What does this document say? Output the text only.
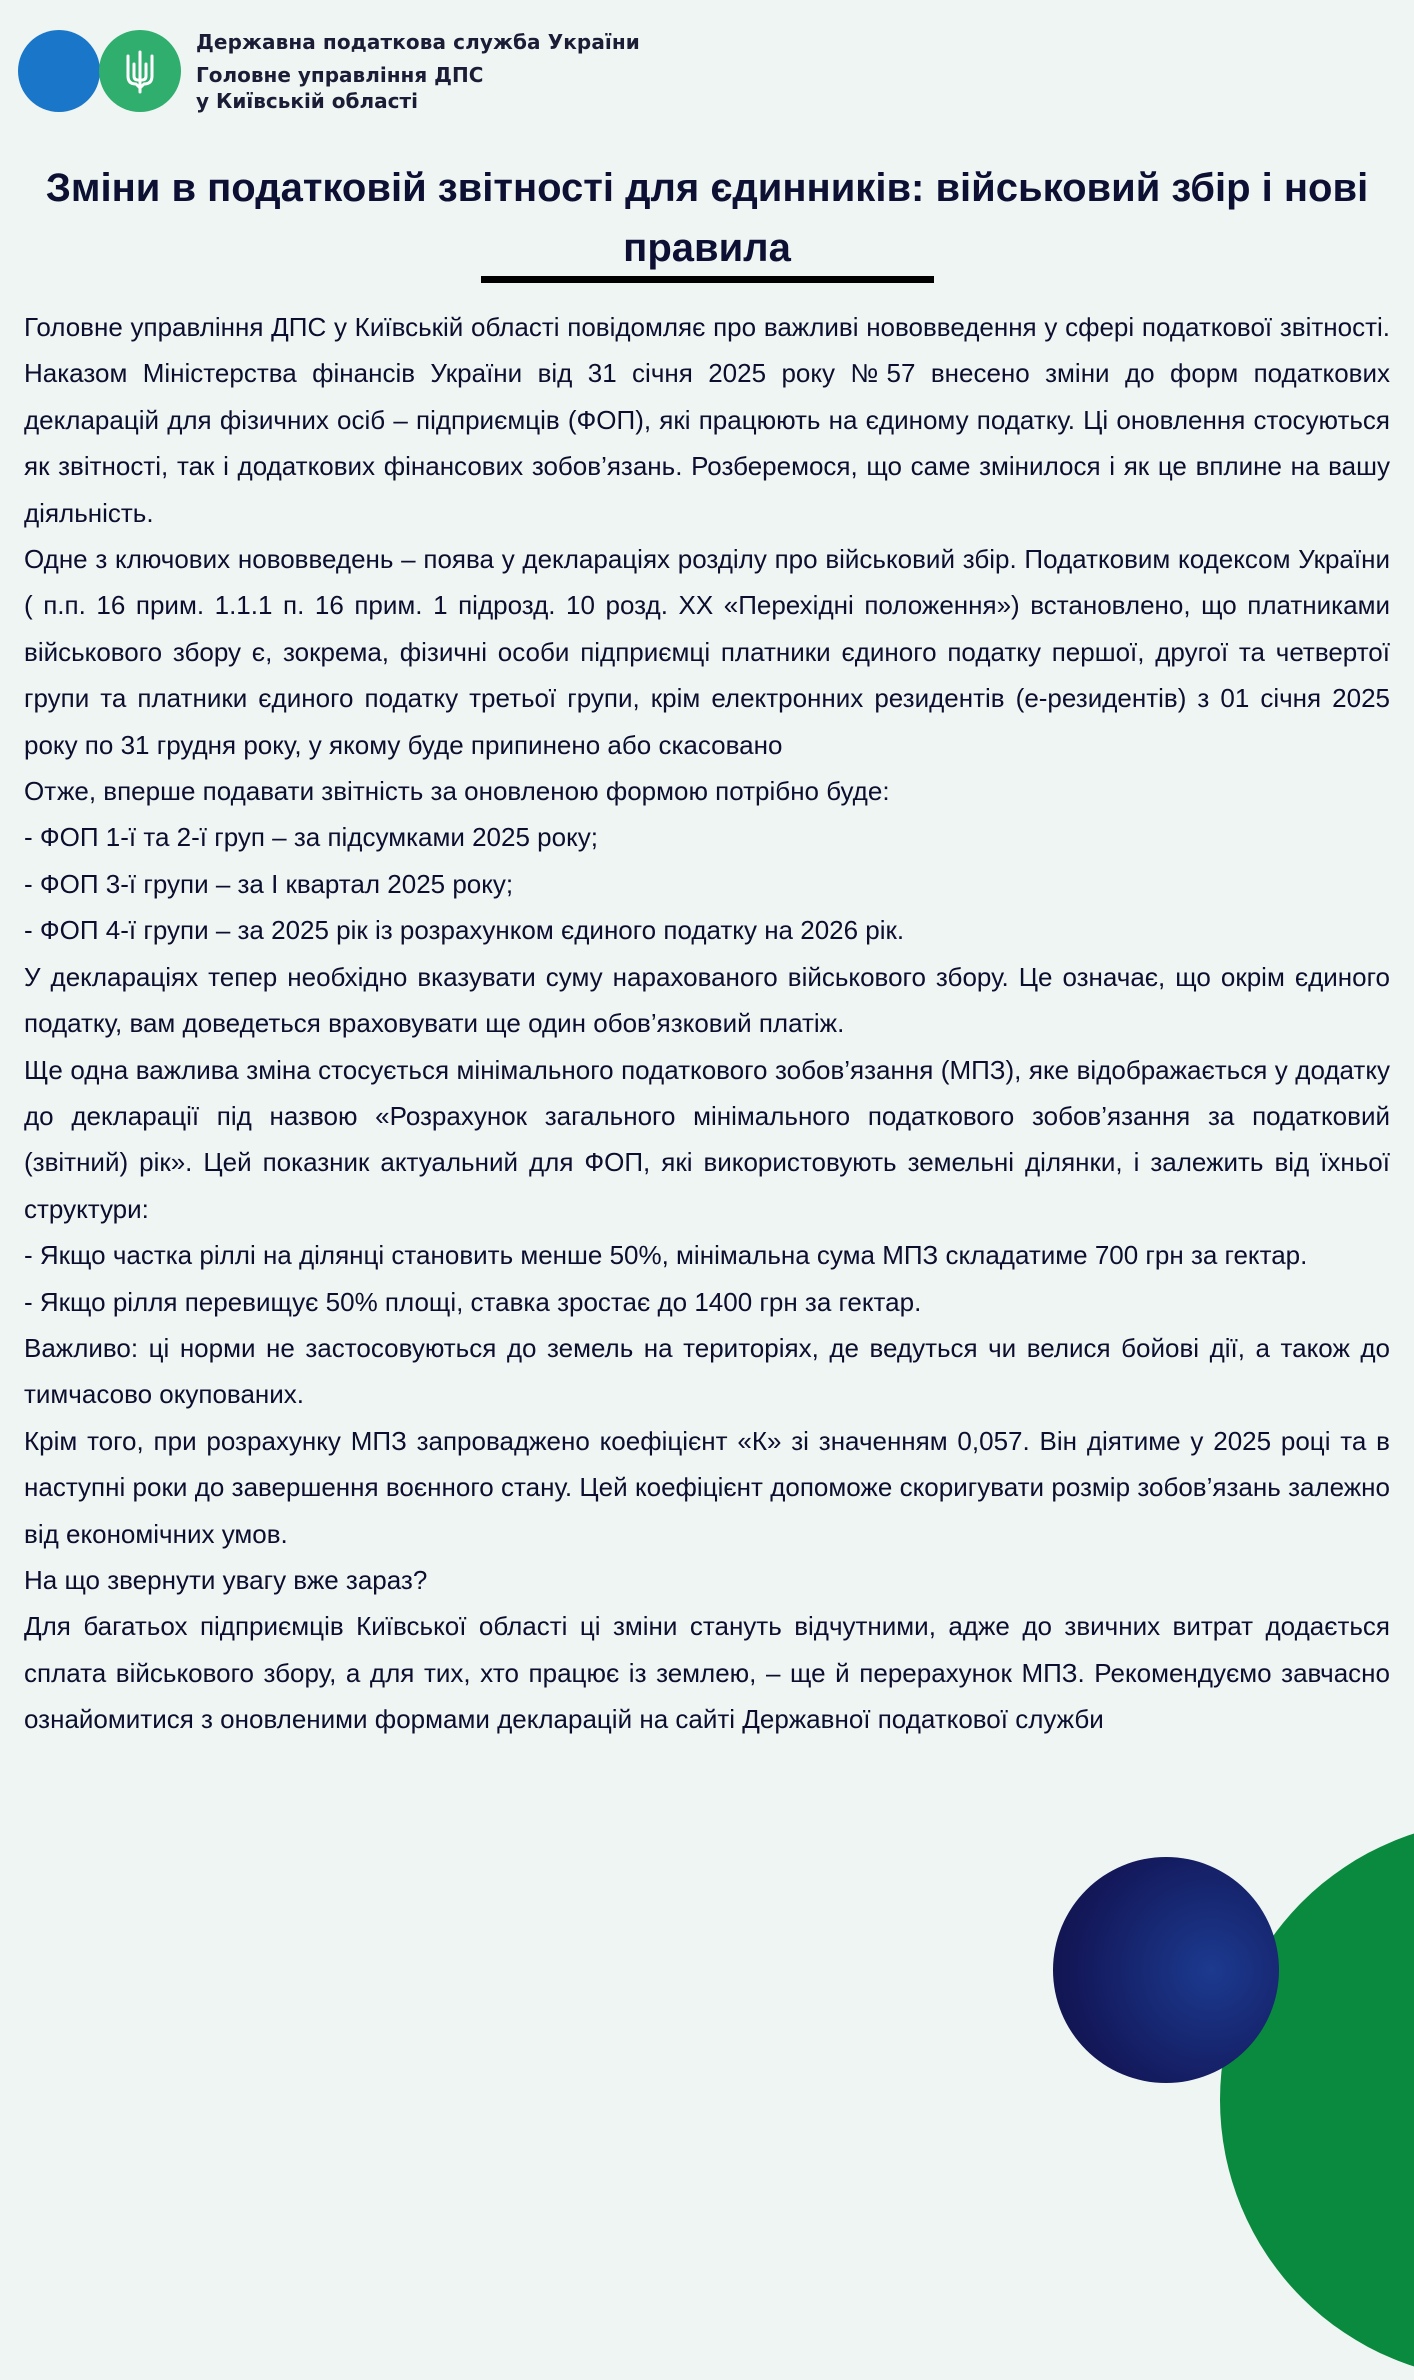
Державна податкова служба України
Головне управління ДПС
у Київській області
Зміни в податковій звітності для єдинників: військовий збір і нові правила

Головне управління ДПС у Київській області повідомляє про важливі нововведення у сфері податкової звітності. Наказом Міністерства фінансів України від 31 січня 2025 року №57 внесено зміни до форм податкових декларацій для фізичних осіб – підприємців (ФОП), які працюють на єдиному податку. Ці оновлення стосуються як звітності, так і додаткових фінансових зобов’язань. Розберемося, що саме змінилося і як це вплине на вашу діяльність.

Одне з ключових нововведень – поява у деклараціях розділу про військовий збір. Податковим кодексом України ( п.п. 16 прим. 1.1.1 п. 16 прим. 1 підрозд. 10 розд. XX «Перехідні положення») встановлено, що платниками військового збору є, зокрема, фізичні особи підприємці платники єдиного податку першої, другої та четвертої групи та платники єдиного податку третьої групи, крім електронних резидентів (е-резидентів) з 01 січня 2025 року по 31 грудня року, у якому буде припинено або скасовано

Отже, вперше подавати звітність за оновленою формою потрібно буде:

- ФОП 1-ї та 2-ї груп – за підсумками 2025 року;

- ФОП 3-ї групи – за I квартал 2025 року;

- ФОП 4-ї групи – за 2025 рік із розрахунком єдиного податку на 2026 рік.

У деклараціях тепер необхідно вказувати суму нарахованого військового збору. Це означає, що окрім єдиного податку, вам доведеться враховувати ще один обов’язковий платіж.

Ще одна важлива зміна стосується мінімального податкового зобов’язання (МПЗ), яке відображається у додатку до декларації під назвою «Розрахунок загального мінімального податкового зобов’язання за податковий (звітний) рік». Цей показник актуальний для ФОП, які використовують земельні ділянки, і залежить від їхньої структури:

- Якщо частка ріллі на ділянці становить менше 50%, мінімальна сума МПЗ складатиме 700 грн за гектар.

- Якщо рілля перевищує 50% площі, ставка зростає до 1400 грн за гектар.

Важливо: ці норми не застосовуються до земель на територіях, де ведуться чи велися бойові дії, а також до тимчасово окупованих.

Крім того, при розрахунку МПЗ запроваджено коефіцієнт «К» зі значенням 0,057. Він діятиме у 2025 році та в наступні роки до завершення воєнного стану. Цей коефіцієнт допоможе скоригувати розмір зобов’язань залежно від економічних умов.

На що звернути увагу вже зараз?

Для багатьох підприємців Київської області ці зміни стануть відчутними, адже до звичних витрат додається сплата військового збору, а для тих, хто працює із землею, – ще й перерахунок МПЗ. Рекомендуємо завчасно ознайомитися з оновленими формами декларацій на сайті Державної податкової служби
